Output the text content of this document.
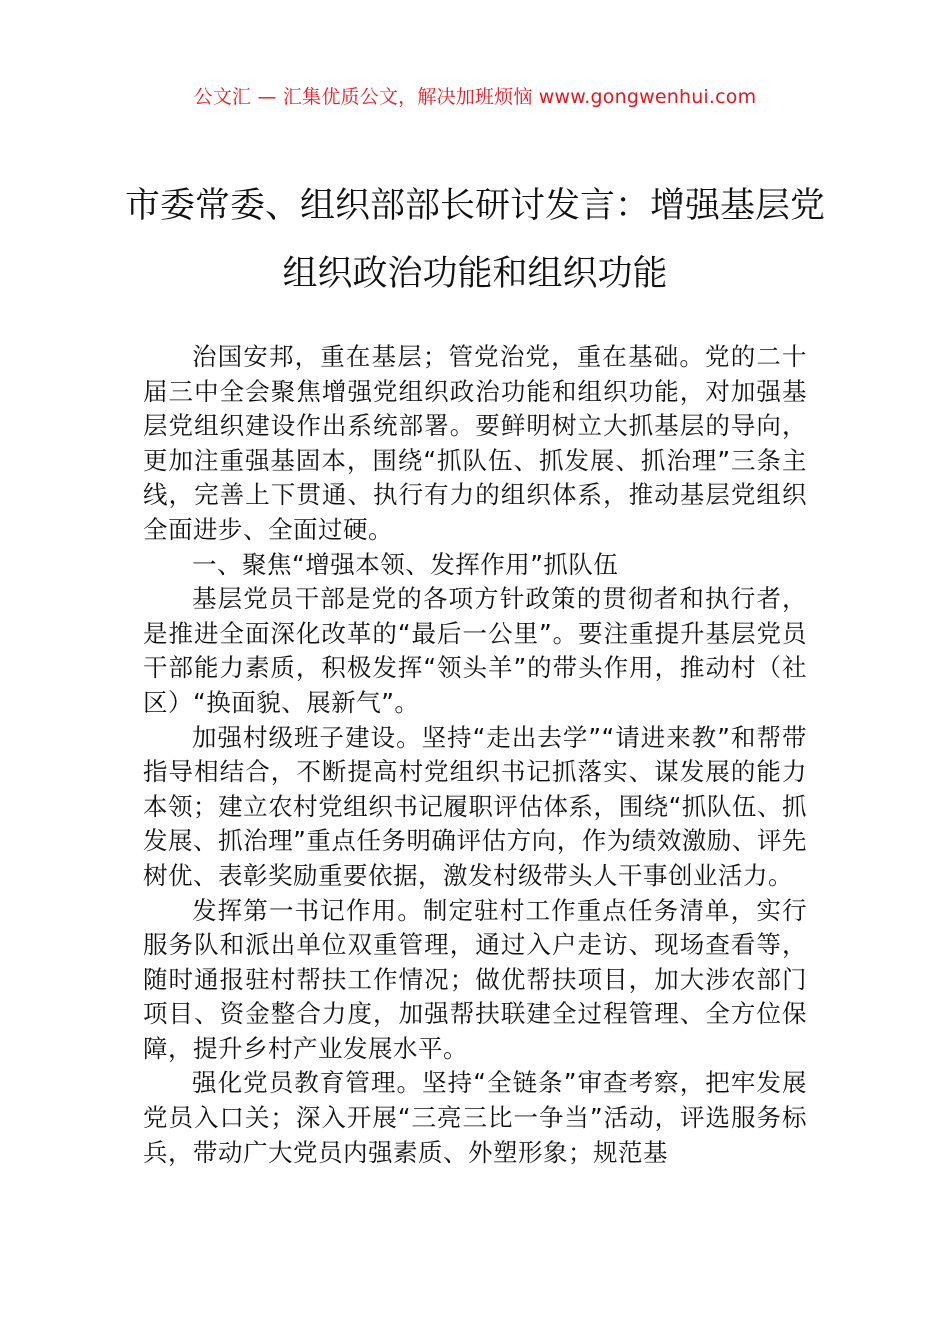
公文汇 — 汇集优质公文，解决加班烦恼 www.gongwenhui.com
市委常委、组织部部长研讨发言：增强基层党组织政治功能和组织功能

治国安邦，重在基层；管党治党，重在基础。党的二十届三中全会聚焦增强党组织政治功能和组织功能，对加强基层党组织建设作出系统部署。要鲜明树立大抓基层的导向，更加注重强基固本，围绕“抓队伍、抓发展、抓治理”三条主线，完善上下贯通、执行有力的组织体系，推动基层党组织全面进步、全面过硬。

一、聚焦“增强本领、发挥作用”抓队伍

基层党员干部是党的各项方针政策的贯彻者和执行者，是推进全面深化改革的“最后一公里”。要注重提升基层党员干部能力素质，积极发挥“领头羊”的带头作用，推动村（社区）“换面貌、展新气”。

加强村级班子建设。坚持“走出去学”“请进来教”和帮带指导相结合，不断提高村党组织书记抓落实、谋发展的能力本领；建立农村党组织书记履职评估体系，围绕“抓队伍、抓发展、抓治理”重点任务明确评估方向，作为绩效激励、评先树优、表彰奖励重要依据，激发村级带头人干事创业活力。

发挥第一书记作用。制定驻村工作重点任务清单，实行服务队和派出单位双重管理，通过入户走访、现场查看等，随时通报驻村帮扶工作情况；做优帮扶项目，加大涉农部门项目、资金整合力度，加强帮扶联建全过程管理、全方位保障，提升乡村产业发展水平。

强化党员教育管理。坚持“全链条”审查考察，把牢发展党员入口关；深入开展“三亮三比一争当”活动，评选服务标兵，带动广大党员内强素质、外塑形象；规范基
